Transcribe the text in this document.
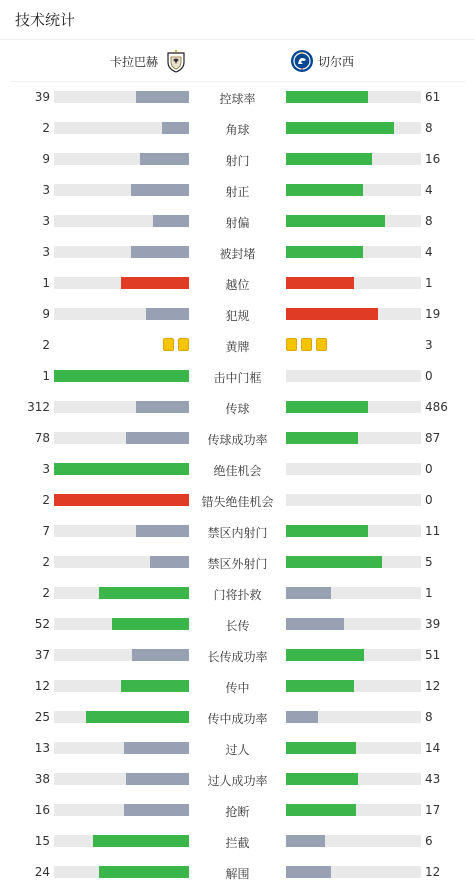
技术统计
卡拉巴赫	切尔西
39	控球率	61
2	角球	8
9	射门	16
3	射正	4
3	射偏	8
3	被封堵	4
1	越位	1
9	犯规	19
2	黄牌	3
1	击中门框	0
312	传球	486
78	传球成功率	87
3	绝佳机会	0
2	错失绝佳机会	0
7	禁区内射门	11
2	禁区外射门	5
2	门将扑救	1
52	长传	39
37	长传成功率	51
12	传中	12
25	传中成功率	8
13	过人	14
38	过人成功率	43
16	抢断	17
15	拦截	6
24	解围	12
